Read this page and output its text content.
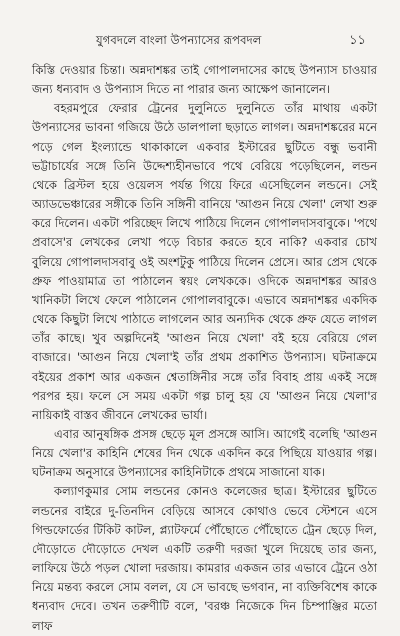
যুগবদলে বাংলা উপন্যাসের রূপবদল	১১

কিস্তি দেওয়ার চিন্তা। অন্নদাশঙ্কর তাই গোপালদাসের কাছে উপন্যাস চাওয়ার জন্য ধন্যবাদ ও উপন্যাস দিতে না পারার জন্য আক্ষেপ জানালেন।

বহরমপুরে ফেরার ট্রেনের দুলুনিতে দুলুনিতে তাঁর মাথায় একটা উপন্যাসের ভাবনা গজিয়ে উঠে ডালপালা ছড়াতে লাগল। অন্নদাশঙ্করের মনে পড়ে গেল ইংল্যান্ডে থাকাকালে একবার ইস্টারের ছুটিতে বন্ধু ভবানী ভট্টাচার্যের সঙ্গে তিনি উদ্দেশ্যহীনভাবে পথে বেরিয়ে পড়েছিলেন, লন্ডন থেকে ব্রিস্টল হয়ে ওয়েলস পর্যন্ত গিয়ে ফিরে এসেছিলেন লন্ডনে। সেই অ্যাডভেঞ্চারের সঙ্গীকে তিনি সঙ্গিনী বানিয়ে 'আগুন নিয়ে খেলা' লেখা শুরু করে দিলেন। একটা পরিচ্ছেদ লিখে পাঠিয়ে দিলেন গোপালদাসবাবুকে। 'পথে প্রবাসে'র লেখকের লেখা পড়ে বিচার করতে হবে নাকি? একবার চোখ বুলিয়ে গোপালদাসবাবু ওই অংশটুকু পাঠিয়ে দিলেন প্রেসে। আর প্রেস থেকে প্রুফ পাওয়ামাত্র তা পাঠালেন স্বয়ং লেখককে। ওদিকে অন্নদাশঙ্কর আরও খানিকটা লিখে ফেলে পাঠালেন গোপালবাবুকে। এভাবে অন্নদাশঙ্কর একদিক থেকে কিছুটা লিখে পাঠাতে লাগলেন আর অন্যদিক থেকে প্রুফ যেতে লাগল তাঁর কাছে। খুব অল্পদিনেই 'আগুন নিয়ে খেলা' বই হয়ে বেরিয়ে গেল বাজারে। 'আগুন নিয়ে খেলা'ই তাঁর প্রথম প্রকাশিত উপন্যাস। ঘটনাক্রমে বইয়ের প্রকাশ আর একজন শ্বেতাঙ্গিনীর সঙ্গে তাঁর বিবাহ প্রায় একই সঙ্গে পরপর হয়। ফলে সে সময় একটা গল্প চালু হয় যে 'আগুন নিয়ে খেলা'র নায়িকাই বাস্তব জীবনে লেখকের ভার্যা।

এবার আনুষঙ্গিক প্রসঙ্গ ছেড়ে মূল প্রসঙ্গে আসি। আগেই বলেছি 'আগুন নিয়ে খেলা'র কাহিনি শেষের দিন থেকে একদিন করে পিছিয়ে যাওয়ার গল্প। ঘটনাক্রম অনুসারে উপন্যাসের কাহিনিটাকে প্রথমে সাজানো যাক।

কল্যাণকুমার সোম লন্ডনের কোনও কলেজের ছাত্র। ইস্টারের ছুটিতে লন্ডনের বাইরে দু-তিনদিন বেড়িয়ে আসবে কোথাও ভেবে স্টেশনে এসে গিল্ডফোর্ডের টিকিট কাটল, প্ল্যাটফর্মে পৌঁছোতে পৌঁছোতে ট্রেন ছেড়ে দিল, দৌড়োতে দৌড়োতে দেখল একটি তরুণী দরজা খুলে দিয়েছে তার জন্য, লাফিয়ে উঠে পড়ল খোলা দরজায়। কামরার একজন তার এভাবে ট্রেনে ওঠা নিয়ে মন্তব্য করলে সোম বলল, যে সে ভাবছে ভগবান, না ব্যক্তিবিশেষ কাকে ধন্যবাদ দেবে। তখন তরুণীটি বলে, 'বরঞ্চ নিজেকে দিন চিম্পাঞ্জির মতো লাফ
